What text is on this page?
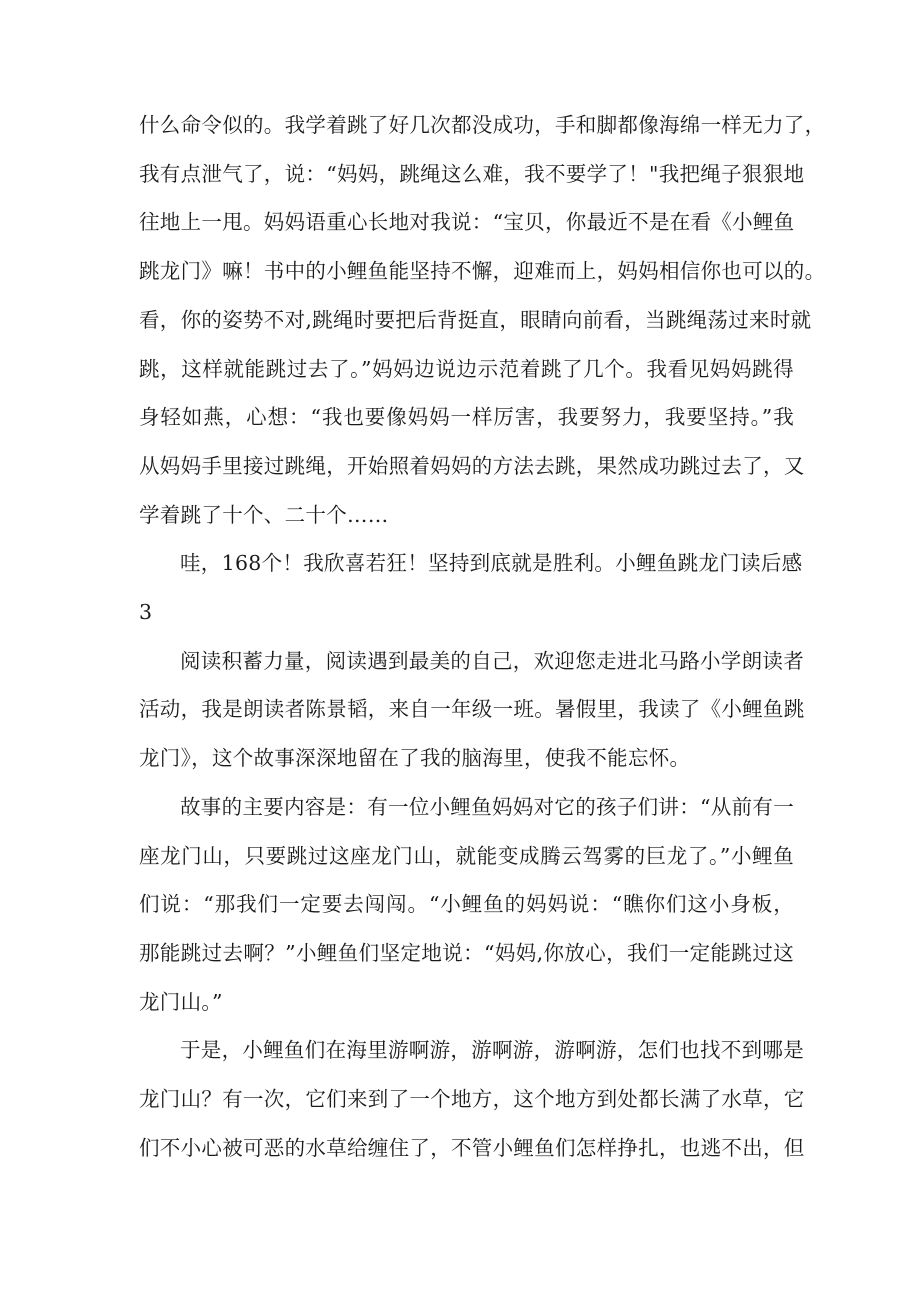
什么命令似的。我学着跳了好几次都没成功，手和脚都像海绵一样无力了，
我有点泄气了，说：“妈妈，跳绳这么难，我不要学了！"我把绳子狠狠地
往地上一甩。妈妈语重心长地对我说：“宝贝，你最近不是在看《小鲤鱼
跳龙门》嘛！书中的小鲤鱼能坚持不懈，迎难而上，妈妈相信你也可以的。
看，你的姿势不对,跳绳时要把后背挺直，眼睛向前看，当跳绳荡过来时就
跳，这样就能跳过去了。”妈妈边说边示范着跳了几个。我看见妈妈跳得
身轻如燕，心想：“我也要像妈妈一样厉害，我要努力，我要坚持。”我
从妈妈手里接过跳绳，开始照着妈妈的方法去跳，果然成功跳过去了，又
学着跳了十个、二十个……
哇，168个！我欣喜若狂！坚持到底就是胜利。小鲤鱼跳龙门读后感
3
阅读积蓄力量，阅读遇到最美的自己，欢迎您走进北马路小学朗读者
活动，我是朗读者陈景韬，来自一年级一班。暑假里，我读了《小鲤鱼跳
龙门》，这个故事深深地留在了我的脑海里，使我不能忘怀。
故事的主要内容是：有一位小鲤鱼妈妈对它的孩子们讲：“从前有一
座龙门山，只要跳过这座龙门山，就能变成腾云驾雾的巨龙了。”小鲤鱼
们说：“那我们一定要去闯闯。“小鲤鱼的妈妈说：“瞧你们这小身板，
那能跳过去啊？”小鲤鱼们坚定地说：“妈妈,你放心，我们一定能跳过这
龙门山。”
于是，小鲤鱼们在海里游啊游，游啊游，游啊游，怎们也找不到哪是
龙门山？有一次，它们来到了一个地方，这个地方到处都长满了水草，它
们不小心被可恶的水草给缠住了，不管小鲤鱼们怎样挣扎，也逃不出，但
